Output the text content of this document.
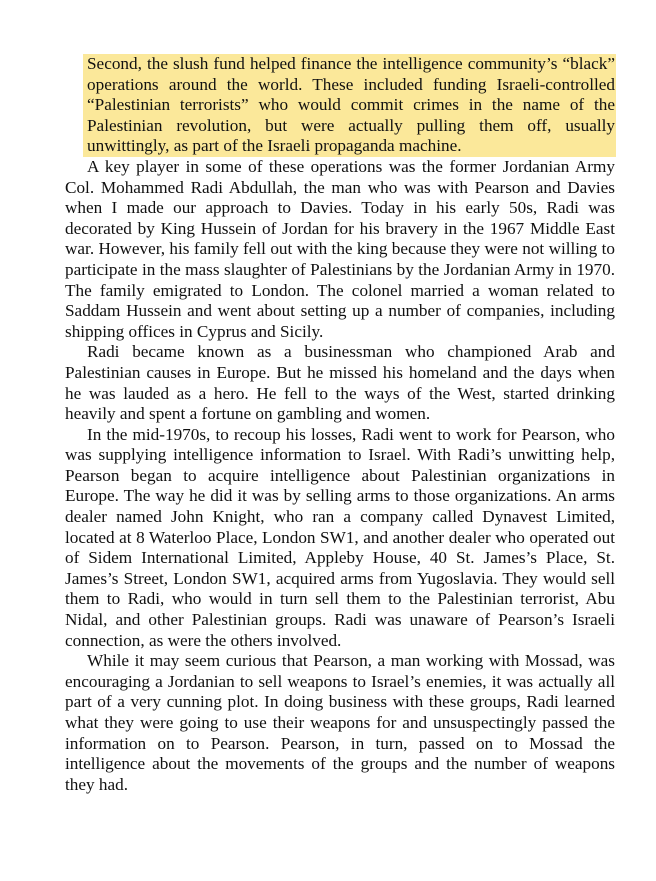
Second, the slush fund helped finance the intelligence community’s “black” operations around the world. These included funding Israeli-controlled “Palestinian terrorists” who would commit crimes in the name of the Palestinian revolution, but were actually pulling them off, usually unwittingly, as part of the Israeli propaganda machine.

A key player in some of these operations was the former Jordanian Army Col. Mohammed Radi Abdullah, the man who was with Pearson and Davies when I made our approach to Davies. Today in his early 50s, Radi was decorated by King Hussein of Jordan for his bravery in the 1967 Middle East war. However, his family fell out with the king because they were not willing to participate in the mass slaughter of Palestinians by the Jordanian Army in 1970. The family emigrated to London. The colonel married a woman related to Saddam Hussein and went about setting up a number of companies, including shipping offices in Cyprus and Sicily.

Radi became known as a businessman who championed Arab and Palestinian causes in Europe. But he missed his homeland and the days when he was lauded as a hero. He fell to the ways of the West, started drinking heavily and spent a fortune on gambling and women.

In the mid-1970s, to recoup his losses, Radi went to work for Pearson, who was supplying intelligence information to Israel. With Radi’s unwitting help, Pearson began to acquire intelligence about Palestinian organizations in Europe. The way he did it was by selling arms to those organizations. An arms dealer named John Knight, who ran a company called Dynavest Limited, located at 8 Waterloo Place, London SW1, and another dealer who operated out of Sidem International Limited, Appleby House, 40 St. James’s Place, St. James’s Street, London SW1, acquired arms from Yugoslavia. They would sell them to Radi, who would in turn sell them to the Palestinian terrorist, Abu Nidal, and other Palestinian groups. Radi was unaware of Pearson’s Israeli connection, as were the others involved.

While it may seem curious that Pearson, a man working with Mossad, was encouraging a Jordanian to sell weapons to Israel’s enemies, it was actually all part of a very cunning plot. In doing business with these groups, Radi learned what they were going to use their weapons for and unsuspectingly passed the information on to Pearson. Pearson, in turn, passed on to Mossad the intelligence about the movements of the groups and the number of weapons they had.
